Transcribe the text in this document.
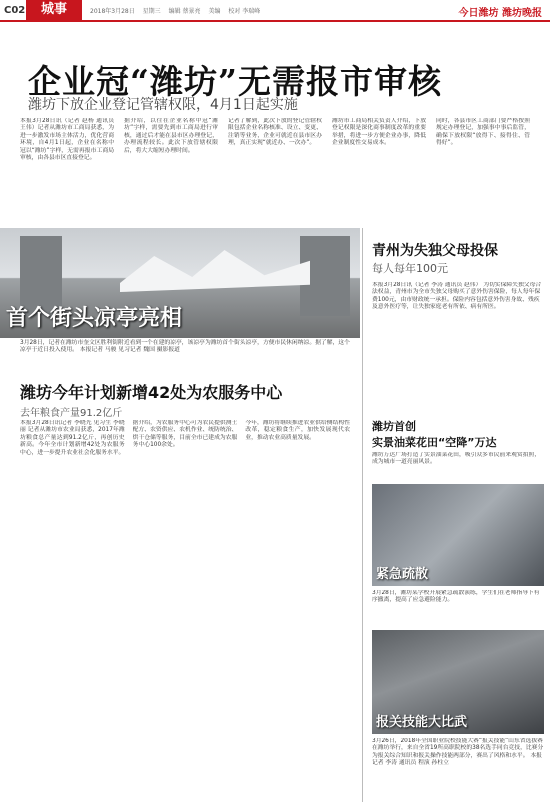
C02	城事	2018年3月28日 星期三 编辑 蔡景亮 美编 校对 李瑞峰	今日潍坊 潍坊晚报
企业冠“潍坊”无需报市审核
潍坊下放企业登记管辖权限，4月1日起实施
本报3月28日讯（记者 赵杨 通讯员 王伟）记者从潍坊市工商局获悉，为进一步激发市场主体活力，优化营商环境，自4月1日起，企业在名称中冠以“潍坊”字样，无需再报市工商局审核，由各县市区直接登记。
据介绍，以往在企业名称中冠“潍坊”字样，需要先到市工商局进行审核，通过后才能在县市区办理登记，办理流程较长。此次下放管辖权限后，将大大缩短办理时间。
记者了解到，此次下放的登记管辖权限包括企业名称核准、设立、变更、注销等业务，企业可就近在县市区办理，真正实现“就近办、一次办”。
潍坊市工商局相关负责人介绍，下放登记权限是深化商事制度改革的重要举措，将进一步方便企业办事，降低企业制度性交易成本。
同时，各县市区工商部门要严格按照规定办理登记，加强事中事后监管，确保下放权限“放得下、接得住、管得好”。
首个街头凉亭亮相
3月28日，记者在潍坊市奎文区胜利街附近看到一个在建的凉亭，该凉亭为潍坊首个街头凉亭，方便市民休闲纳凉。据了解，这个凉亭于近日投入使用。 本报记者 马骏 见习记者 魏国 摄影报道
潍坊今年计划新增42处为农服务中心
去年粮食产量91.2亿斤
本报3月28日讯记者 李晓光 见习生 李晓丽 记者从潍坊市农业局获悉，2017年潍坊粮食总产量达到91.2亿斤，再创历史新高。今年全市计划新增42处为农服务中心，进一步提升农业社会化服务水平。
据介绍，为农服务中心可为农民提供测土配方、农资供应、农机作业、统防统治、烘干仓储等服务，目前全市已建成为农服务中心100余处。
今年，潍坊将继续推进农业供给侧结构性改革，稳定粮食生产，加快发展现代农业，推动农业高质量发展。
青州为失独父母投保
每人每年100元
本报3月28日讯（记者 李涛 通讯员 赵伟） 为切实保障失独父母合法权益，青州市为全市失独父母购买了意外伤害保险，每人每年保费100元，由市财政统一承担。保险内容包括意外伤害身故、残疾及意外医疗等，让失独家庭老有所依、病有所医。
潍坊首创
实景油菜花田“空降”万达
潍坊万达广场打造了实景油菜花田，吸引众多市民前来观赏拍照，成为城市一道亮丽风景。
紧急疏散
3月28日，潍坊某学校开展紧急疏散演练，学生们在老师指导下有序撤离，提高了应急避险能力。
报关技能大比武
3月26日，2018年全国职业院校技能大赛“报关技能”山东省选拔赛在潍坊举行，来自全省19所高职院校的38名选手同台竞技，比赛分为报关综合知识和报关操作技能两部分，赛出了风格和水平。 本报记者 李涛 通讯员 程演 孙柱立
